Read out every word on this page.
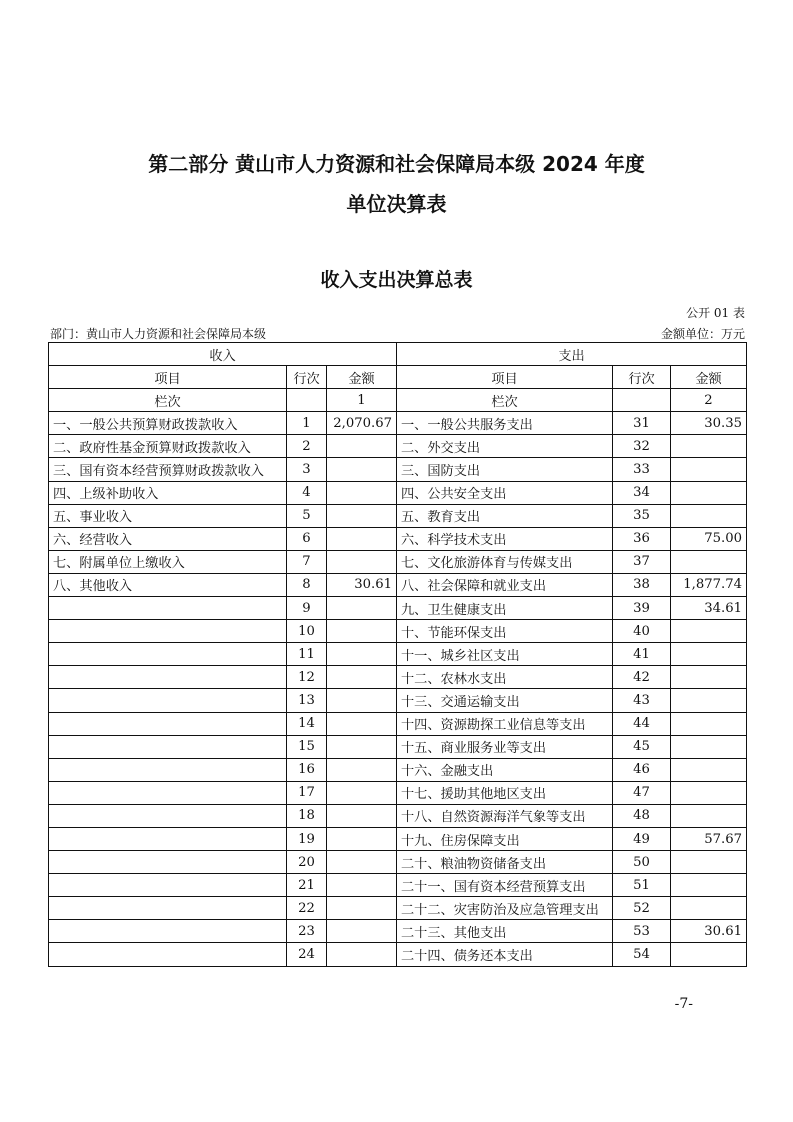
第二部分 黄山市人力资源和社会保障局本级 2024 年度
单位决算表
收入支出决算总表
公开 01 表
部门：黄山市人力资源和社会保障局本级	金额单位：万元
收入			支出		
项目	行次	金额	项目	行次	金额
栏次		1	栏次		2
一、一般公共预算财政拨款收入	1	2,070.67	一、一般公共服务支出	31	30.35
二、政府性基金预算财政拨款收入	2		二、外交支出	32	
三、国有资本经营预算财政拨款收入	3		三、国防支出	33	
四、上级补助收入	4		四、公共安全支出	34	
五、事业收入	5		五、教育支出	35	
六、经营收入	6		六、科学技术支出	36	75.00
七、附属单位上缴收入	7		七、文化旅游体育与传媒支出	37	
八、其他收入	8	30.61	八、社会保障和就业支出	38	1,877.74
	9		九、卫生健康支出	39	34.61
	10		十、节能环保支出	40	
	11		十一、城乡社区支出	41	
	12		十二、农林水支出	42	
	13		十三、交通运输支出	43	
	14		十四、资源勘探工业信息等支出	44	
	15		十五、商业服务业等支出	45	
	16		十六、金融支出	46	
	17		十七、援助其他地区支出	47	
	18		十八、自然资源海洋气象等支出	48	
	19		十九、住房保障支出	49	57.67
	20		二十、粮油物资储备支出	50	
	21		二十一、国有资本经营预算支出	51	
	22		二十二、灾害防治及应急管理支出	52	
	23		二十三、其他支出	53	30.61
	24		二十四、债务还本支出	54	
-7-
